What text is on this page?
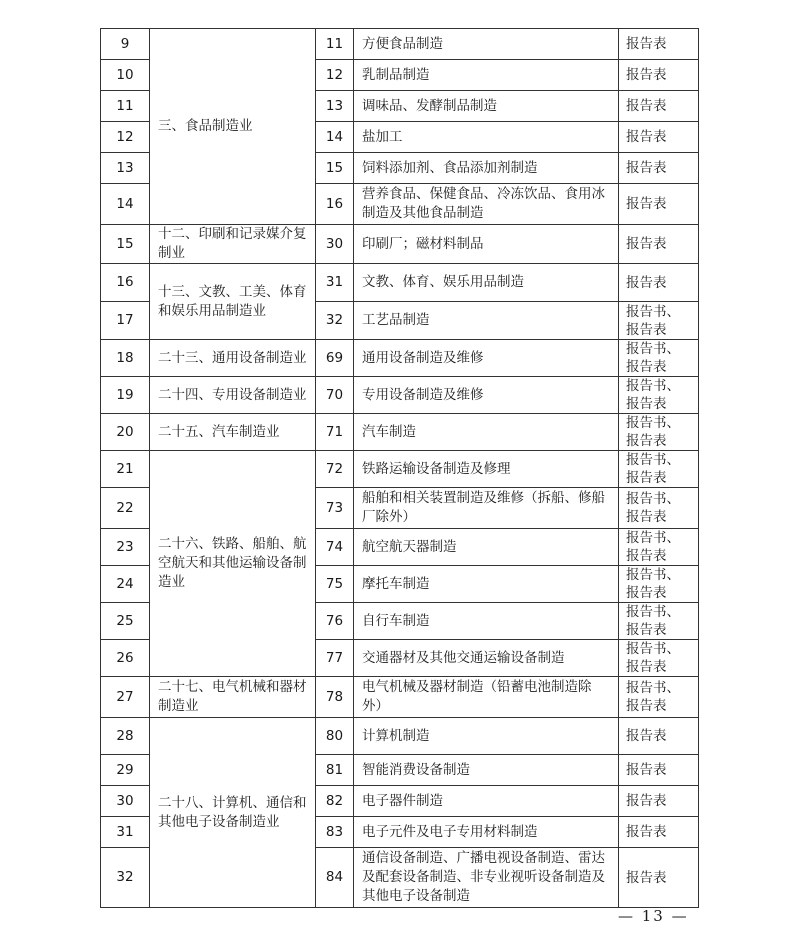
9	三、食品制造业	11	方便食品制造	报告表
10		12	乳制品制造	报告表
11		13	调味品、发酵制品制造	报告表
12		14	盐加工	报告表
13		15	饲料添加剂、食品添加剂制造	报告表
14		16	营养食品、保健食品、冷冻饮品、食用冰制造及其他食品制造	报告表
15	十二、印刷和记录媒介复制业	30	印刷厂；磁材料制品	报告表
16	十三、文教、工美、体育和娱乐用品制造业	31	文教、体育、娱乐用品制造	报告表
17		32	工艺品制造	报告书、报告表
18	二十三、通用设备制造业	69	通用设备制造及维修	报告书、报告表
19	二十四、专用设备制造业	70	专用设备制造及维修	报告书、报告表
20	二十五、汽车制造业	71	汽车制造	报告书、报告表
21	二十六、铁路、船舶、航空航天和其他运输设备制造业	72	铁路运输设备制造及修理	报告书、报告表
22		73	船舶和相关装置制造及维修（拆船、修船厂除外）	报告书、报告表
23		74	航空航天器制造	报告书、报告表
24		75	摩托车制造	报告书、报告表
25		76	自行车制造	报告书、报告表
26		77	交通器材及其他交通运输设备制造	报告书、报告表
27	二十七、电气机械和器材制造业	78	电气机械及器材制造（铅蓄电池制造除外）	报告书、报告表
28	二十八、计算机、通信和其他电子设备制造业	80	计算机制造	报告表
29		81	智能消费设备制造	报告表
30		82	电子器件制造	报告表
31		83	电子元件及电子专用材料制造	报告表
32		84	通信设备制造、广播电视设备制造、雷达及配套设备制造、非专业视听设备制造及其他电子设备制造	报告表
— 13 —
